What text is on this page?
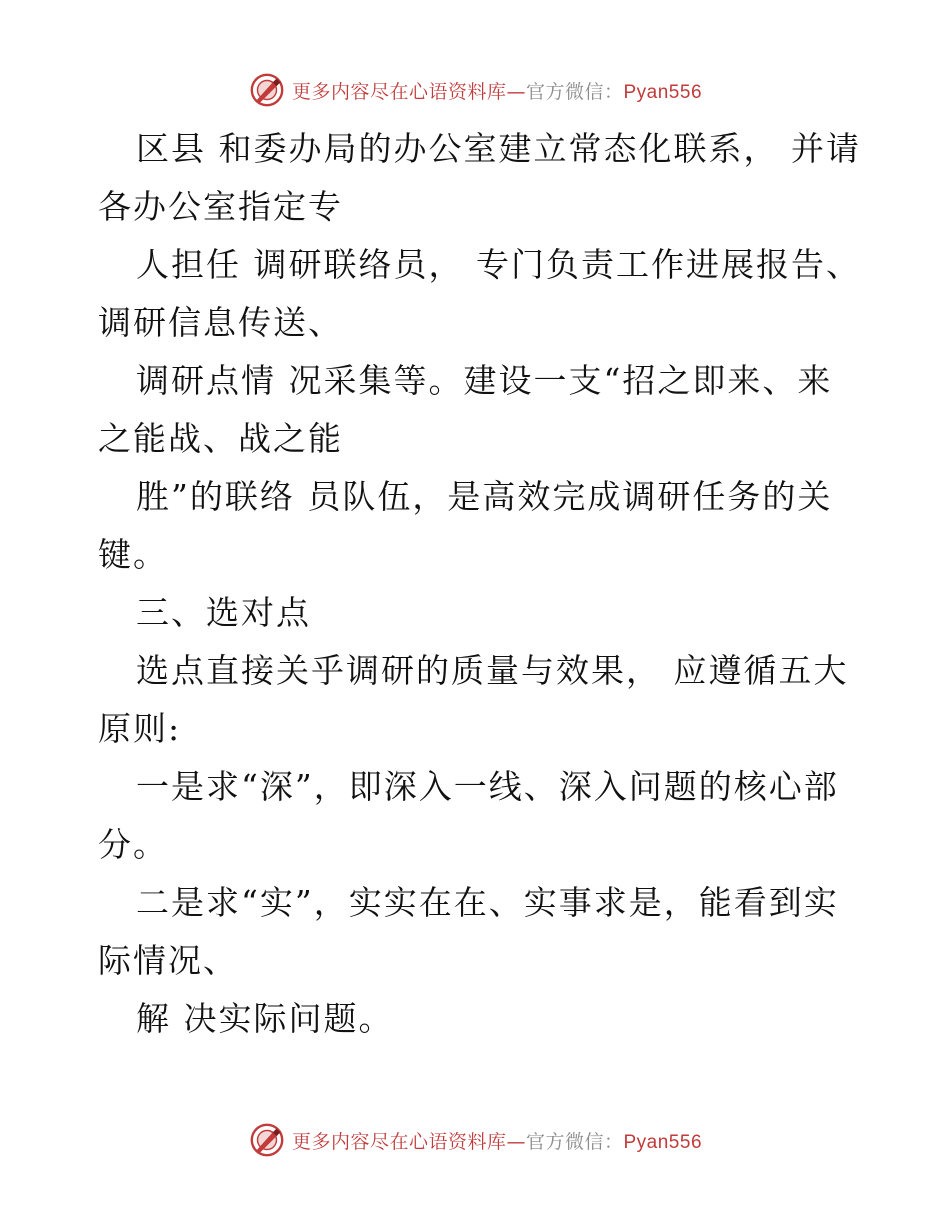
更多内容尽在心语资料库—官方微信：Pyan556
区县 和委办局的办公室建立常态化联系， 并请
各办公室指定专
人担任 调研联络员， 专门负责工作进展报告、
调研信息传送、
调研点情 况采集等。建设一支“招之即来、来
之能战、战之能
胜”的联络 员队伍，是高效完成调研任务的关
键。
三、选对点
选点直接关乎调研的质量与效果， 应遵循五大
原则:
一是求“深”，即深入一线、深入问题的核心部
分。
二是求“实”，实实在在、实事求是，能看到实
际情况、
解 决实际问题。
更多内容尽在心语资料库—官方微信：Pyan556
